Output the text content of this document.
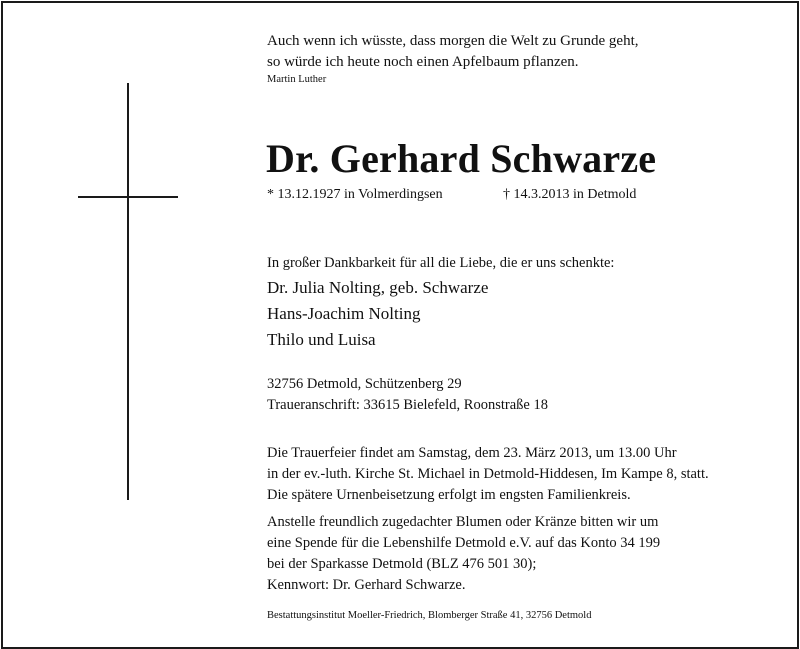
Auch wenn ich wüsste, dass morgen die Welt zu Grunde geht,
so würde ich heute noch einen Apfelbaum pflanzen.
Martin Luther
Dr. Gerhard Schwarze
* 13.12.1927 in Volmerdingsen	† 14.3.2013 in Detmold
In großer Dankbarkeit für all die Liebe, die er uns schenkte:
Dr. Julia Nolting, geb. Schwarze
Hans-Joachim Nolting
Thilo und Luisa
32756 Detmold, Schützenberg 29
Traueranschrift: 33615 Bielefeld, Roonstraße 18
Die Trauerfeier findet am Samstag, dem 23. März 2013, um 13.00 Uhr
in der ev.-luth. Kirche St. Michael in Detmold-Hiddesen, Im Kampe 8, statt.
Die spätere Urnenbeisetzung erfolgt im engsten Familienkreis.
Anstelle freundlich zugedachter Blumen oder Kränze bitten wir um
eine Spende für die Lebenshilfe Detmold e.V. auf das Konto 34 199
bei der Sparkasse Detmold (BLZ 476 501 30);
Kennwort: Dr. Gerhard Schwarze.
Bestattungsinstitut Moeller-Friedrich, Blomberger Straße 41, 32756 Detmold
